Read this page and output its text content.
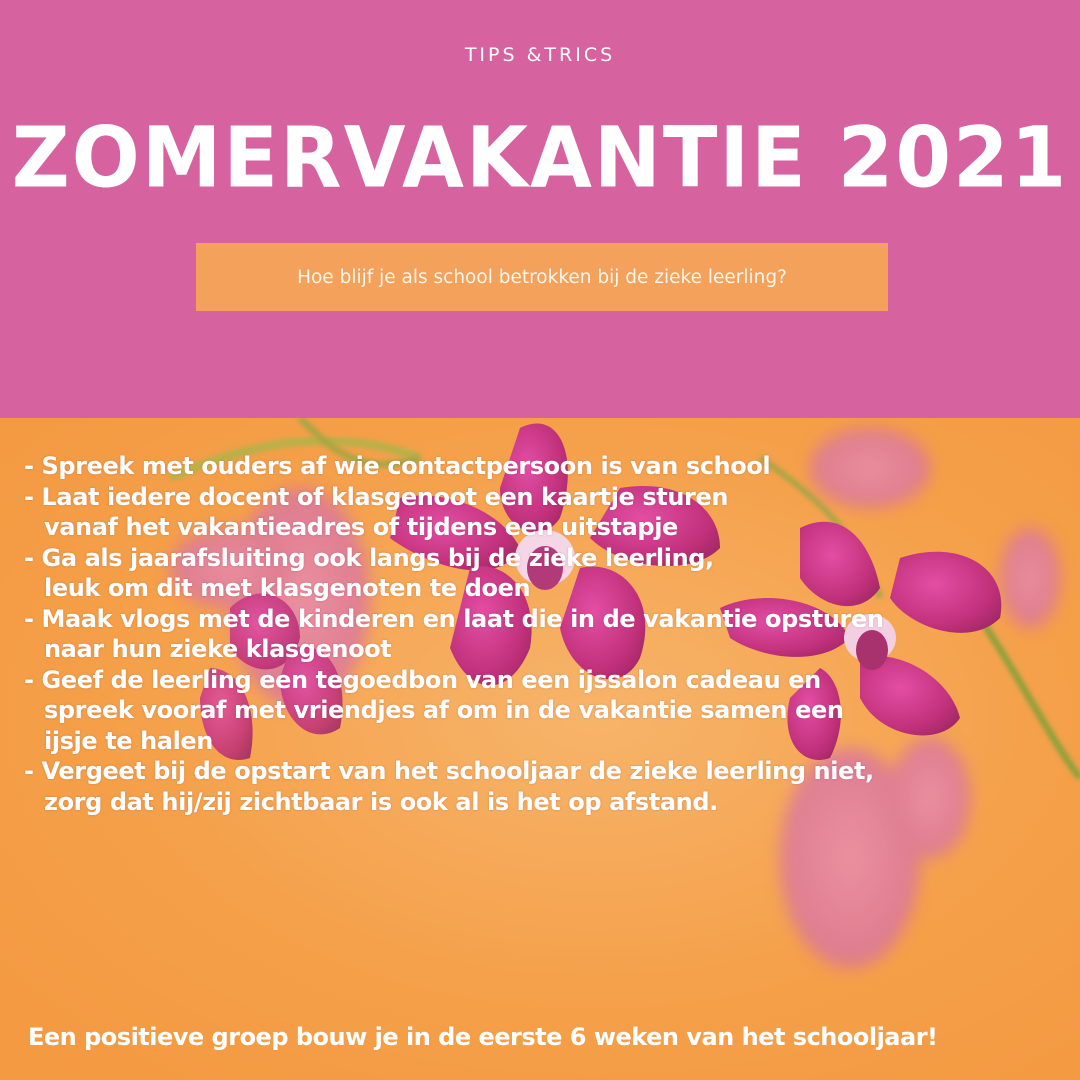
TIPS &TRICS
ZOMERVAKANTIE 2021
Hoe blijf je als school betrokken bij de zieke leerling?
- Spreek met ouders af wie contactpersoon is van school
- Laat iedere docent of klasgenoot een kaartje sturen
vanaf het vakantieadres of tijdens een uitstapje
- Ga als jaarafsluiting ook langs bij de zieke leerling,
leuk om dit met klasgenoten te doen
- Maak vlogs met de kinderen en laat die in de vakantie opsturen
naar hun zieke klasgenoot
- Geef de leerling een tegoedbon van een ijssalon cadeau en
spreek vooraf met vriendjes af om in de vakantie samen een
ijsje te halen
- Vergeet bij de opstart van het schooljaar de zieke leerling niet,
zorg dat hij/zij zichtbaar is ook al is het op afstand.
Een positieve groep bouw je in de eerste 6 weken van het schooljaar!
